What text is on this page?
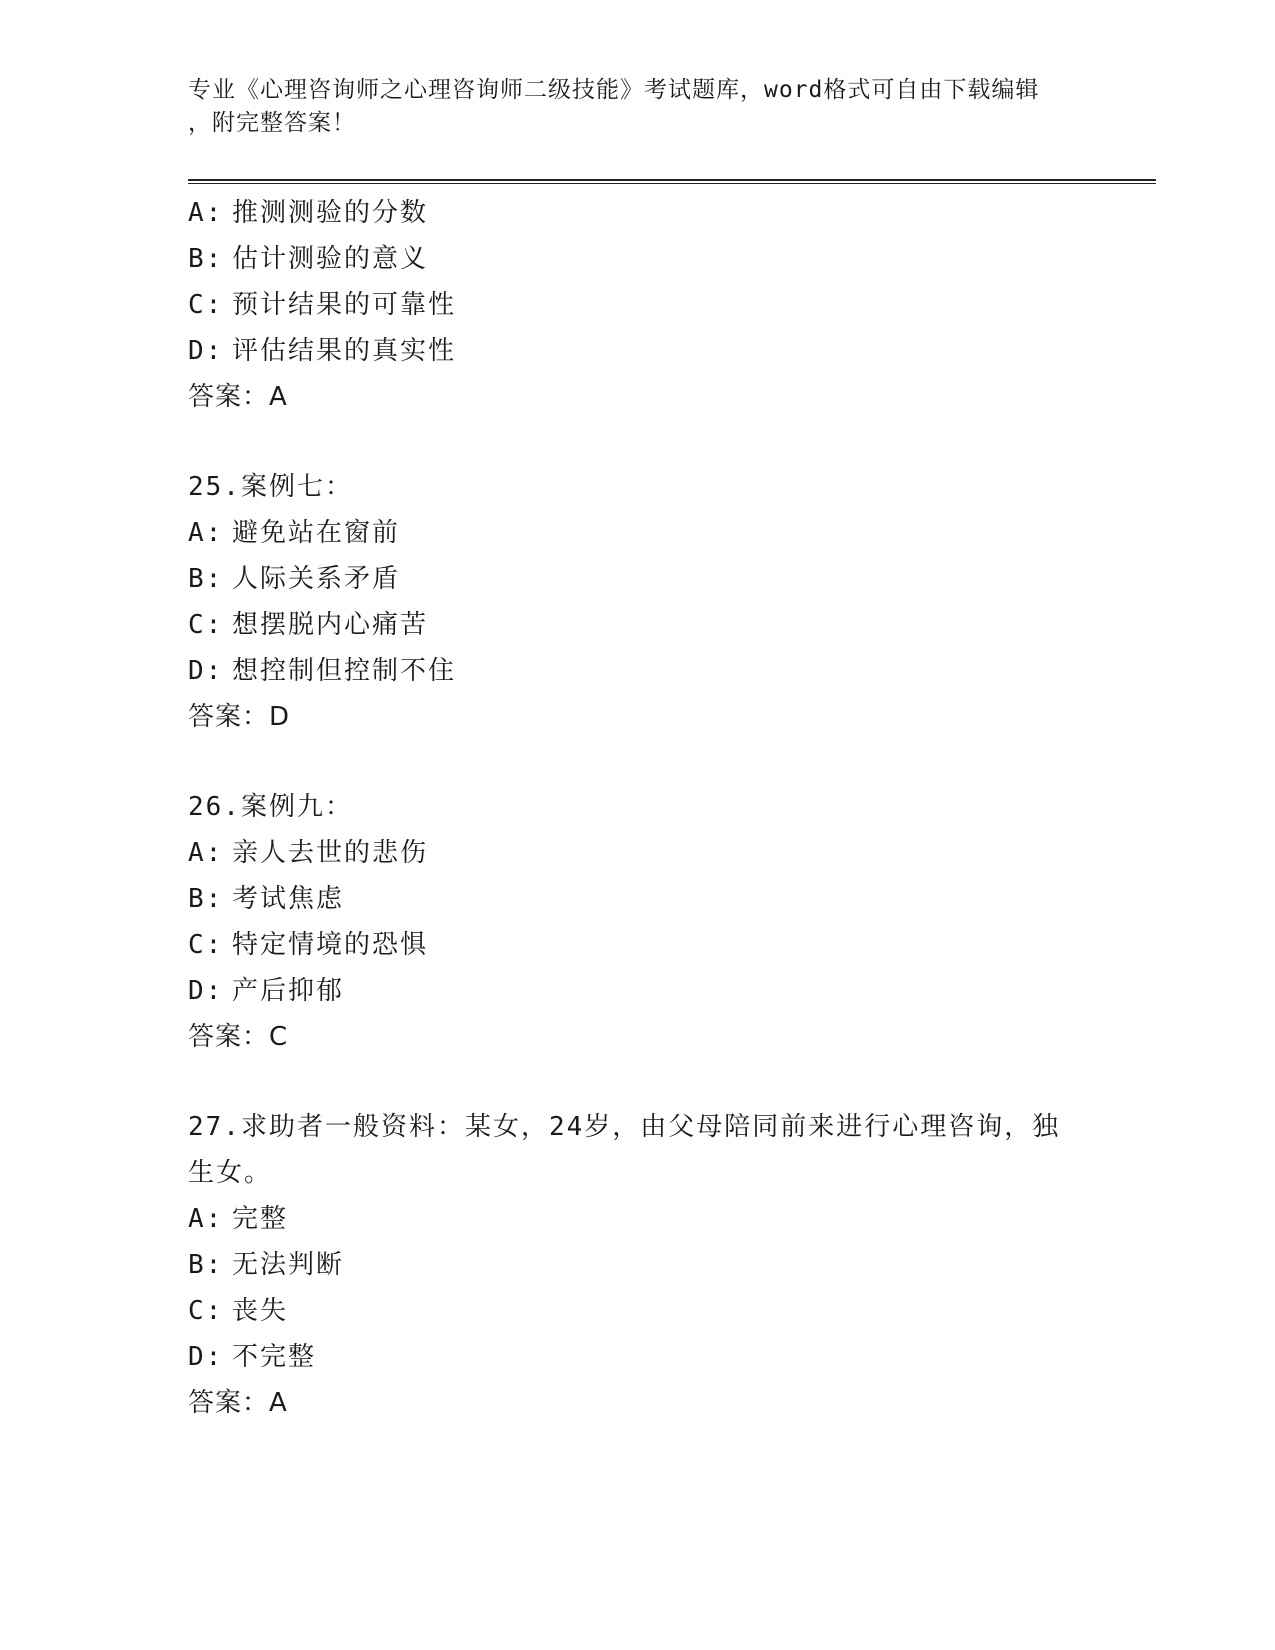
专业《心理咨询师之心理咨询师二级技能》考试题库，word格式可自由下载编辑
，附完整答案！
A: 推测测验的分数
B: 估计测验的意义
C: 预计结果的可靠性
D: 评估结果的真实性
答案：A
25.案例七：
A: 避免站在窗前
B: 人际关系矛盾
C: 想摆脱内心痛苦
D: 想控制但控制不住
答案：D
26.案例九：
A: 亲人去世的悲伤
B: 考试焦虑
C: 特定情境的恐惧
D: 产后抑郁
答案：C
27.求助者一般资料：某女，24岁，由父母陪同前来进行心理咨询，独生女。
A: 完整
B: 无法判断
C: 丧失
D: 不完整
答案：A
